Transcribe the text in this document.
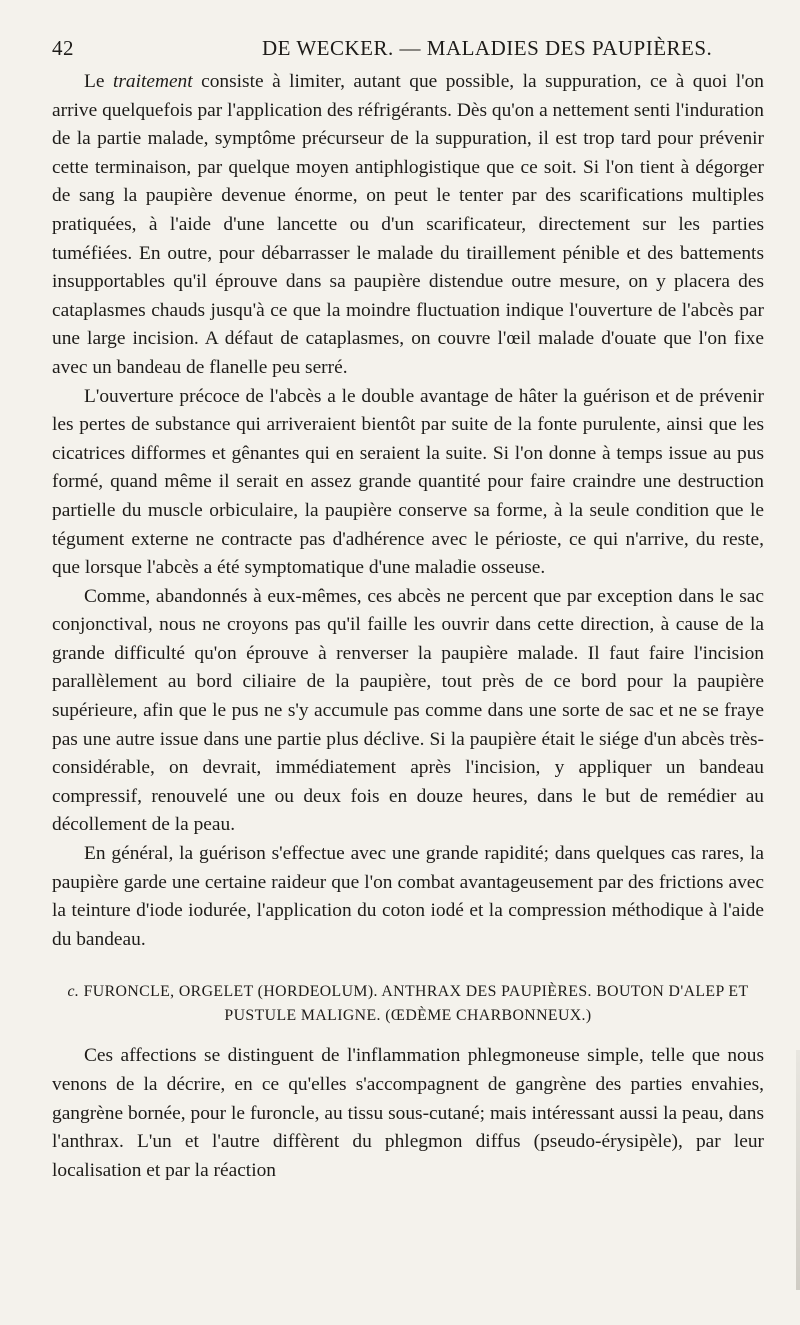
42	DE WECKER. — MALADIES DES PAUPIÈRES.

Le traitement consiste à limiter, autant que possible, la suppuration, ce à quoi l'on arrive quelquefois par l'application des réfrigérants. Dès qu'on a nettement senti l'induration de la partie malade, symptôme précurseur de la suppuration, il est trop tard pour prévenir cette terminaison, par quelque moyen antiphlogistique que ce soit. Si l'on tient à dégorger de sang la paupière devenue énorme, on peut le tenter par des scarifications multiples pratiquées, à l'aide d'une lancette ou d'un scarificateur, directement sur les parties tuméfiées. En outre, pour débarrasser le malade du tiraillement pénible et des battements insupportables qu'il éprouve dans sa paupière distendue outre mesure, on y placera des cataplasmes chauds jusqu'à ce que la moindre fluctuation indique l'ouverture de l'abcès par une large incision. A défaut de cataplasmes, on couvre l'œil malade d'ouate que l'on fixe avec un bandeau de flanelle peu serré.

L'ouverture précoce de l'abcès a le double avantage de hâter la guérison et de prévenir les pertes de substance qui arriveraient bientôt par suite de la fonte purulente, ainsi que les cicatrices difformes et gênantes qui en seraient la suite. Si l'on donne à temps issue au pus formé, quand même il serait en assez grande quantité pour faire craindre une destruction partielle du muscle orbiculaire, la paupière conserve sa forme, à la seule condition que le tégument externe ne contracte pas d'adhérence avec le périoste, ce qui n'arrive, du reste, que lorsque l'abcès a été symptomatique d'une maladie osseuse.

Comme, abandonnés à eux-mêmes, ces abcès ne percent que par exception dans le sac conjonctival, nous ne croyons pas qu'il faille les ouvrir dans cette direction, à cause de la grande difficulté qu'on éprouve à renverser la paupière malade. Il faut faire l'incision parallèlement au bord ciliaire de la paupière, tout près de ce bord pour la paupière supérieure, afin que le pus ne s'y accumule pas comme dans une sorte de sac et ne se fraye pas une autre issue dans une partie plus déclive. Si la paupière était le siége d'un abcès très-considérable, on devrait, immédiatement après l'incision, y appliquer un bandeau compressif, renouvelé une ou deux fois en douze heures, dans le but de remédier au décollement de la peau.

En général, la guérison s'effectue avec une grande rapidité; dans quelques cas rares, la paupière garde une certaine raideur que l'on combat avantageusement par des frictions avec la teinture d'iode iodurée, l'application du coton iodé et la compression méthodique à l'aide du bandeau.

c. FURONCLE, ORGELET (HORDEOLUM). ANTHRAX DES PAUPIÈRES. BOUTON D'ALEP ET PUSTULE MALIGNE. (ŒDÈME CHARBONNEUX.)

Ces affections se distinguent de l'inflammation phlegmoneuse simple, telle que nous venons de la décrire, en ce qu'elles s'accompagnent de gangrène des parties envahies, gangrène bornée, pour le furoncle, au tissu sous-cutané; mais intéressant aussi la peau, dans l'anthrax. L'un et l'autre diffèrent du phlegmon diffus (pseudo-érysipèle), par leur localisation et par la réaction
